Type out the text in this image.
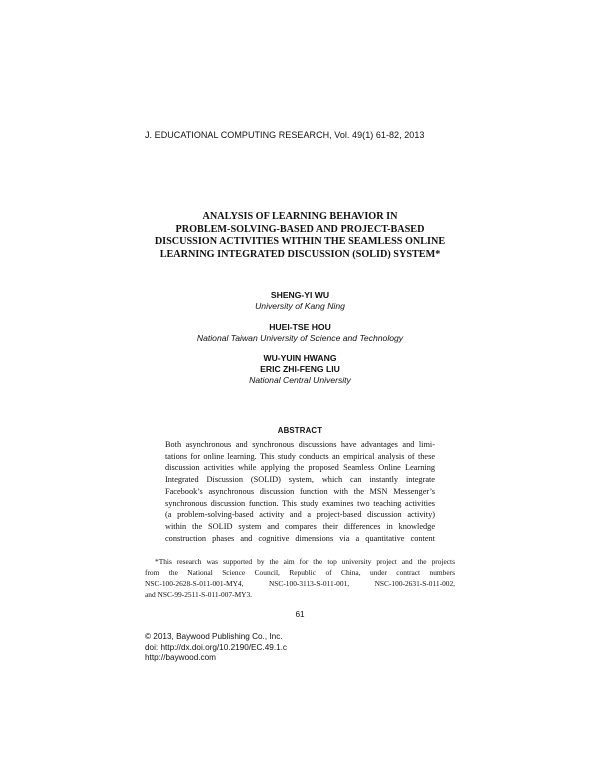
J. EDUCATIONAL COMPUTING RESEARCH, Vol. 49(1) 61-82, 2013
ANALYSIS OF LEARNING BEHAVIOR IN
PROBLEM-SOLVING-BASED AND PROJECT-BASED
DISCUSSION ACTIVITIES WITHIN THE SEAMLESS ONLINE
LEARNING INTEGRATED DISCUSSION (SOLID) SYSTEM*
SHENG-YI WU
University of Kang Ning
HUEI-TSE HOU
National Taiwan University of Science and Technology
WU-YUIN HWANG
ERIC ZHI-FENG LIU
National Central University
ABSTRACT
Both asynchronous and synchronous discussions have advantages and limi-
tations for online learning. This study conducts an empirical analysis of these
discussion activities while applying the proposed Seamless Online Learning
Integrated Discussion (SOLID) system, which can instantly integrate
Facebook’s asynchronous discussion function with the MSN Messenger’s
synchronous discussion function. This study examines two teaching activities
(a problem-solving-based activity and a project-based discussion activity)
within the SOLID system and compares their differences in knowledge
construction phases and cognitive dimensions via a quantitative content
*This research was supported by the aim for the top university project and the projects
from the National Science Council, Republic of China, under contract numbers
NSC-100-2628-S-011-001-MY4, NSC-100-3113-S-011-001, NSC-100-2631-S-011-002,
and NSC-99-2511-S-011-007-MY3.
61
© 2013, Baywood Publishing Co., Inc.
doi: http://dx.doi.org/10.2190/EC.49.1.c
http://baywood.com
